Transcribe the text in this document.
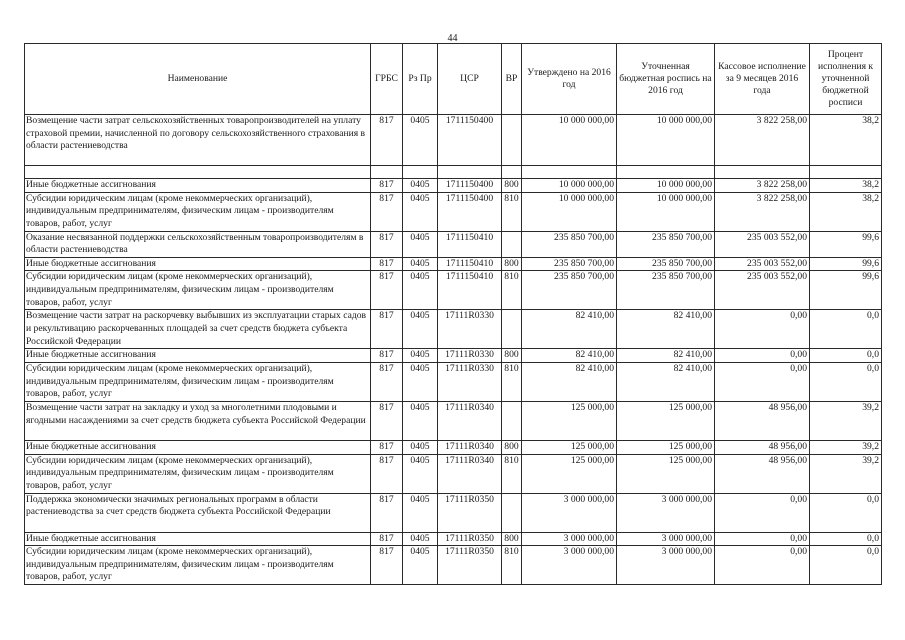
44
Наименование	ГРБС	Рз Пр	ЦСР	ВР	Утверждено на 2016 год	Уточненная бюджетная роспись на 2016 год	Кассовое исполнение за 9 месяцев 2016 года	Процент исполнения к уточненной бюджетной росписи
Возмещение части затрат сельскохозяйственных товаропроизводителей на уплату страховой премии, начисленной по договору сельскохозяйственного страхования в области растениеводства	817	0405	1711150400		10 000 000,00	10 000 000,00	3 822 258,00	38,2

Иные бюджетные ассигнования	817	0405	1711150400	800	10 000 000,00	10 000 000,00	3 822 258,00	38,2
Субсидии юридическим лицам (кроме некоммерческих организаций), индивидуальным предпринимателям, физическим лицам - производителям товаров, работ, услуг	817	0405	1711150400	810	10 000 000,00	10 000 000,00	3 822 258,00	38,2
Оказание несвязанной поддержки сельскохозяйственным товаропроизводителям в области растениеводства	817	0405	1711150410		235 850 700,00	235 850 700,00	235 003 552,00	99,6
Иные бюджетные ассигнования	817	0405	1711150410	800	235 850 700,00	235 850 700,00	235 003 552,00	99,6
Субсидии юридическим лицам (кроме некоммерческих организаций), индивидуальным предпринимателям, физическим лицам - производителям товаров, работ, услуг	817	0405	1711150410	810	235 850 700,00	235 850 700,00	235 003 552,00	99,6
Возмещение части затрат на раскорчевку выбывших из эксплуатации старых садов и рекультивацию раскорчеванных площадей за счет средств бюджета субъекта Российской Федерации	817	0405	17111R0330		82 410,00	82 410,00	0,00	0,0
Иные бюджетные ассигнования	817	0405	17111R0330	800	82 410,00	82 410,00	0,00	0,0
Субсидии юридическим лицам (кроме некоммерческих организаций), индивидуальным предпринимателям, физическим лицам - производителям товаров, работ, услуг	817	0405	17111R0330	810	82 410,00	82 410,00	0,00	0,0
Возмещение части затрат на закладку и уход за многолетними плодовыми и ягодными насаждениями за счет средств бюджета субъекта Российской Федерации	817	0405	17111R0340		125 000,00	125 000,00	48 956,00	39,2
Иные бюджетные ассигнования	817	0405	17111R0340	800	125 000,00	125 000,00	48 956,00	39,2
Субсидии юридическим лицам (кроме некоммерческих организаций), индивидуальным предпринимателям, физическим лицам - производителям товаров, работ, услуг	817	0405	17111R0340	810	125 000,00	125 000,00	48 956,00	39,2
Поддержка экономически значимых региональных программ в области растениеводства за счет средств бюджета субъекта Российской Федерации	817	0405	17111R0350		3 000 000,00	3 000 000,00	0,00	0,0
Иные бюджетные ассигнования	817	0405	17111R0350	800	3 000 000,00	3 000 000,00	0,00	0,0
Субсидии юридическим лицам (кроме некоммерческих организаций), индивидуальным предпринимателям, физическим лицам - производителям товаров, работ, услуг	817	0405	17111R0350	810	3 000 000,00	3 000 000,00	0,00	0,0
